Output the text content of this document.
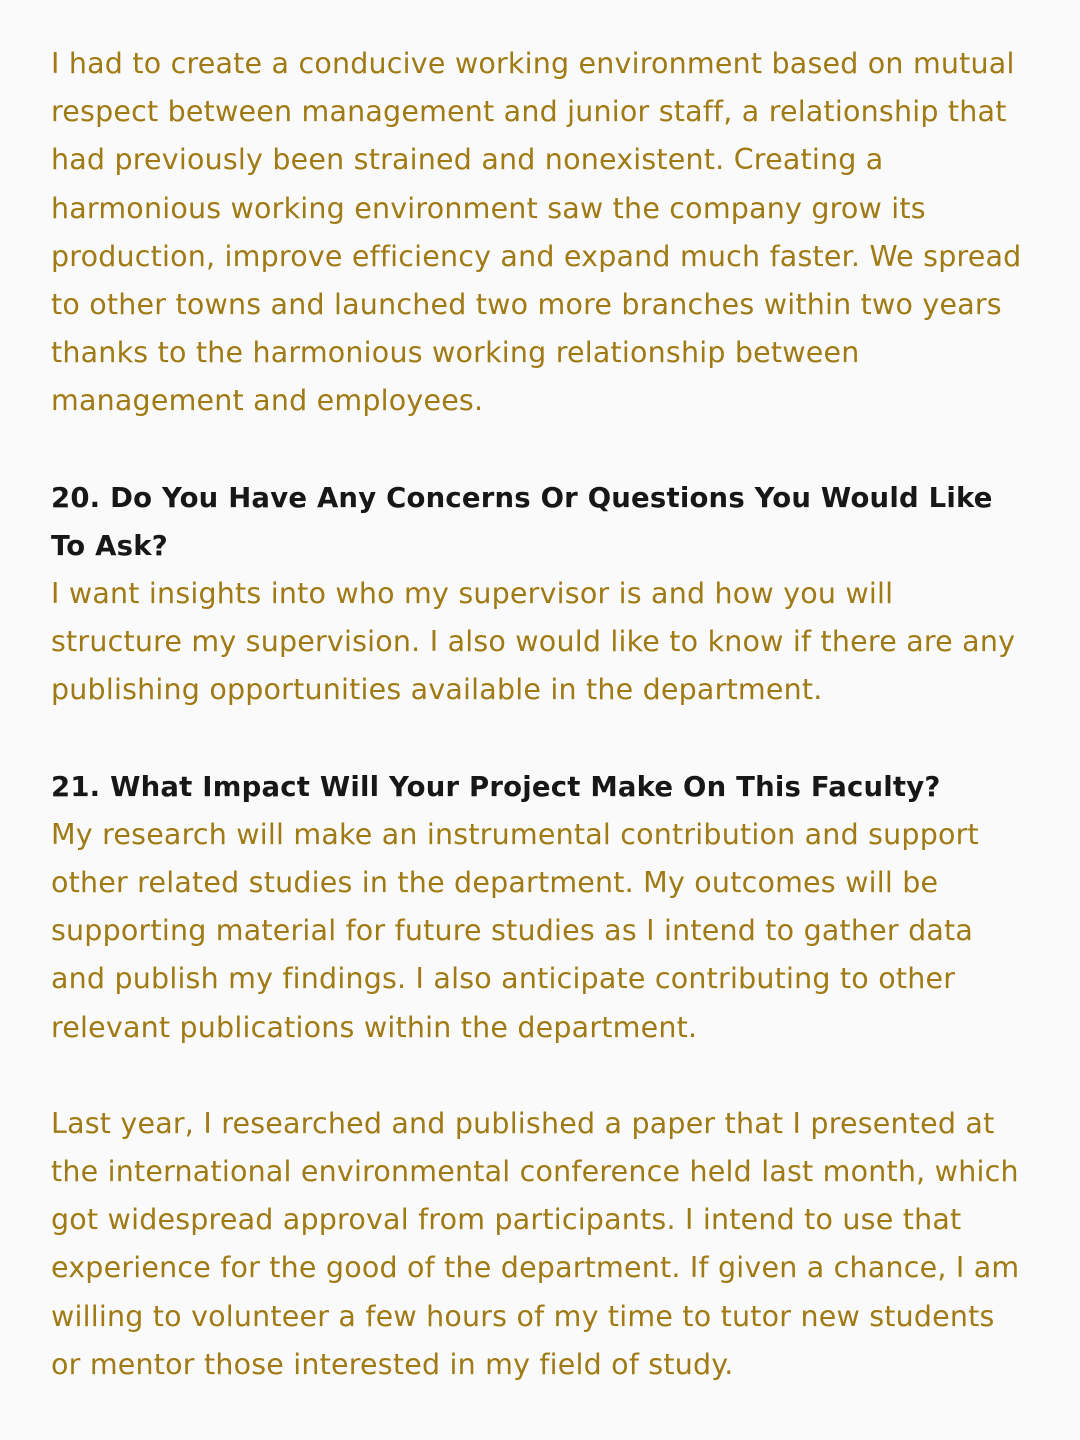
I had to create a conducive working environment based on mutual respect between management and junior staff, a relationship that had previously been strained and nonexistent. Creating a harmonious working environment saw the company grow its production, improve efficiency and expand much faster. We spread to other towns and launched two more branches within two years thanks to the harmonious working relationship between management and employees.

20. Do You Have Any Concerns Or Questions You Would Like To Ask?

I want insights into who my supervisor is and how you will structure my supervision. I also would like to know if there are any publishing opportunities available in the department.

21. What Impact Will Your Project Make On This Faculty?

My research will make an instrumental contribution and support other related studies in the department. My outcomes will be supporting material for future studies as I intend to gather data and publish my findings. I also anticipate contributing to other relevant publications within the department.

Last year, I researched and published a paper that I presented at the international environmental conference held last month, which got widespread approval from participants. I intend to use that experience for the good of the department. If given a chance, I am willing to volunteer a few hours of my time to tutor new students or mentor those interested in my field of study.
